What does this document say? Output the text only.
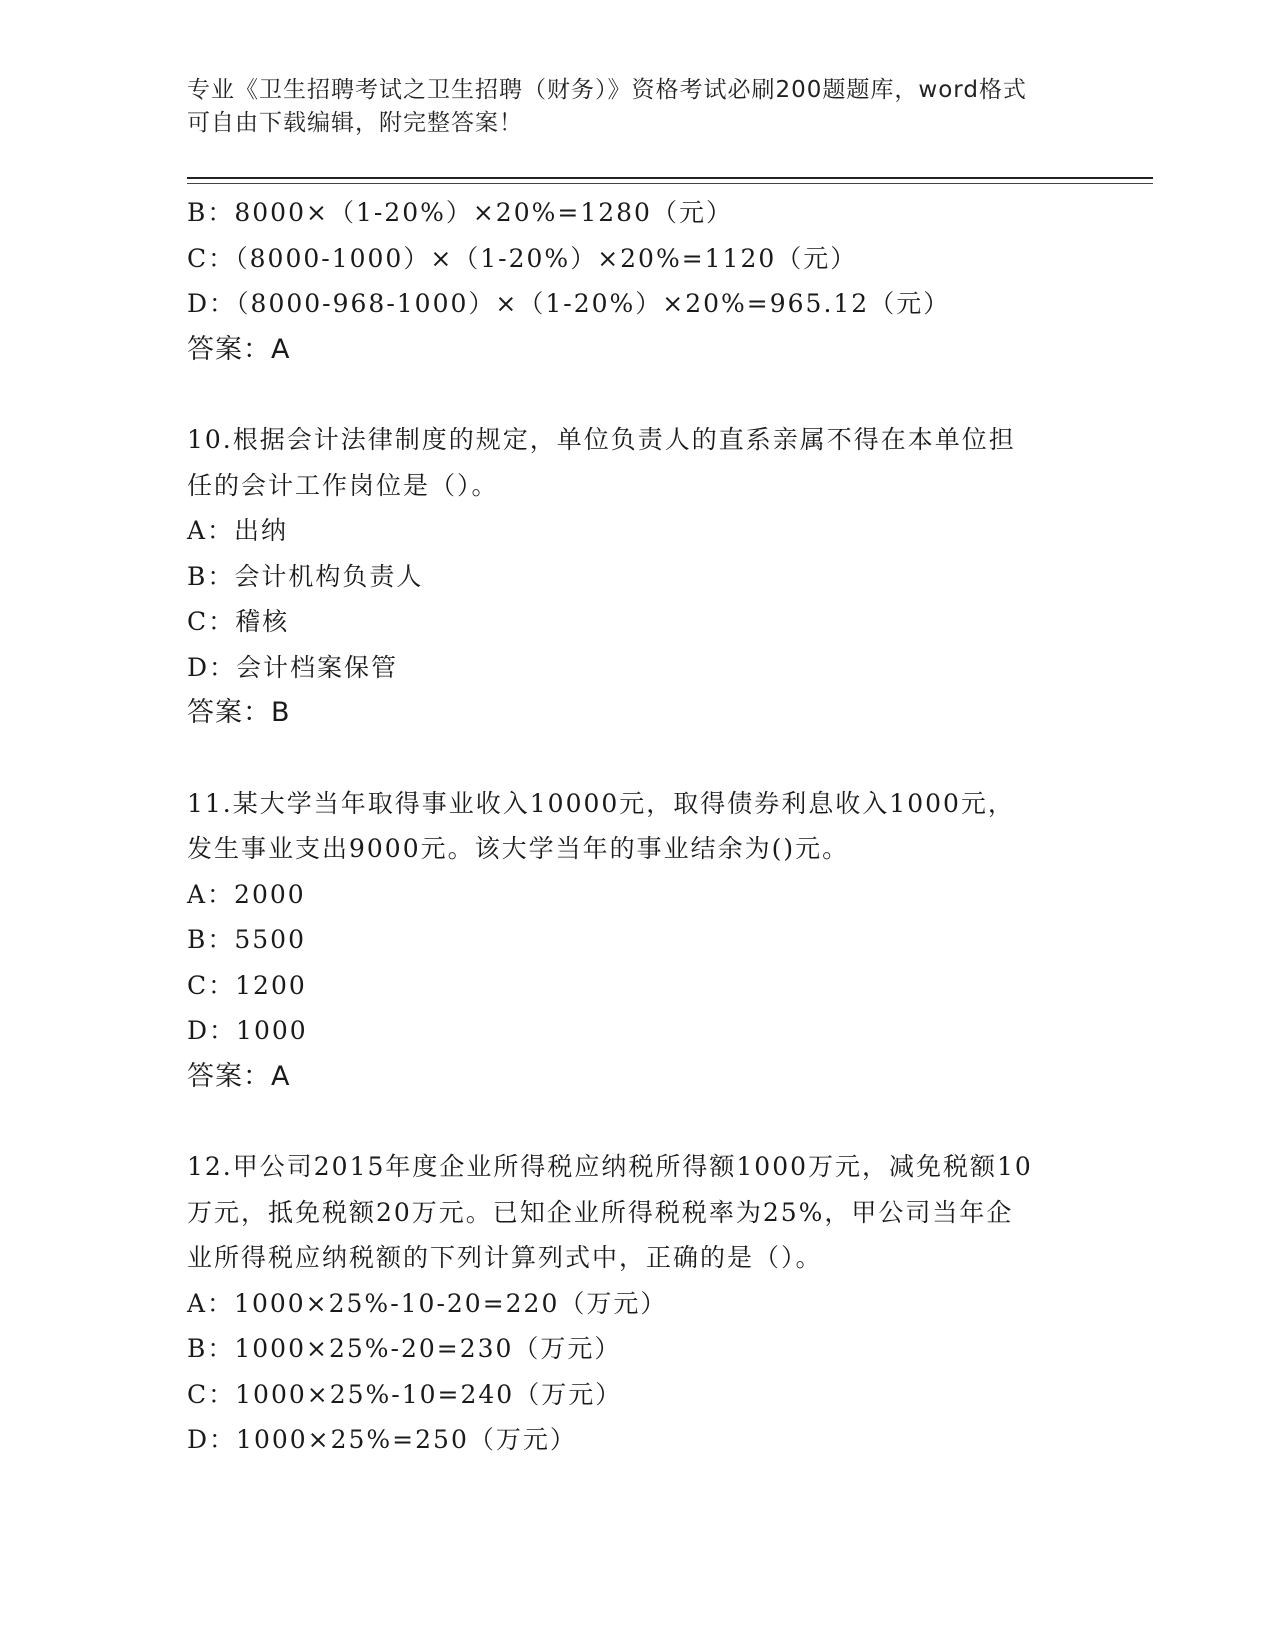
专业《卫生招聘考试之卫生招聘（财务）》资格考试必刷200题题库，word格式
可自由下载编辑，附完整答案！
B：8000×（1-20%）×20%=1280（元）
C：（8000-1000）×（1-20%）×20%=1120（元）
D：（8000-968-1000）×（1-20%）×20%=965.12（元）
答案：A
10.根据会计法律制度的规定，单位负责人的直系亲属不得在本单位担
任的会计工作岗位是（）。
A：出纳
B：会计机构负责人
C：稽核
D：会计档案保管
答案：B
11.某大学当年取得事业收入10000元，取得债券利息收入1000元，
发生事业支出9000元。该大学当年的事业结余为()元。
A：2000
B：5500
C：1200
D：1000
答案：A
12.甲公司2015年度企业所得税应纳税所得额1000万元，减免税额10
万元，抵免税额20万元。已知企业所得税税率为25%，甲公司当年企
业所得税应纳税额的下列计算列式中，正确的是（）。
A：1000×25%-10-20=220（万元）
B：1000×25%-20=230（万元）
C：1000×25%-10=240（万元）
D：1000×25%=250（万元）
